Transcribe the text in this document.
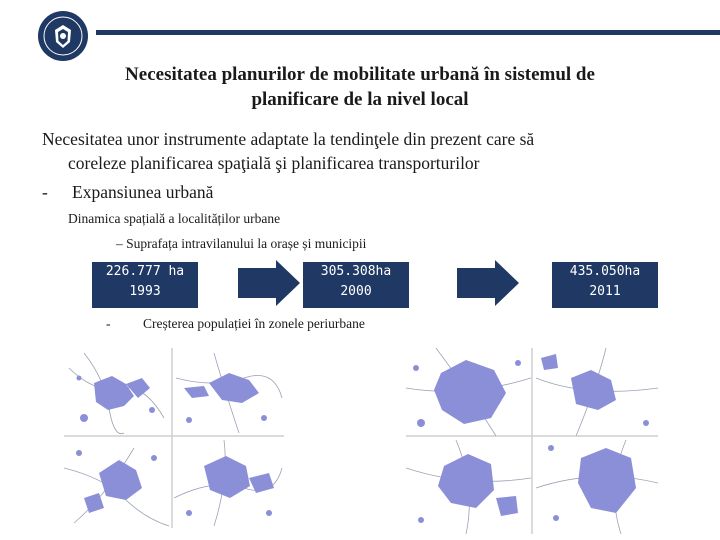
Necesitatea planurilor de mobilitate urbană în sistemul de
planificare de la nivel local
Necesitatea unor instrumente adaptate la tendinţele din prezent care să
coreleze planificarea spaţială şi planificarea transporturilor
- Expansiunea urbană
Dinamica spațială a localităților urbane
– Suprafața intravilanului la orașe și municipii
226.777 ha
1993
305.308ha
2000
435.050ha
2011
- Creșterea populației în zonele periurbane
